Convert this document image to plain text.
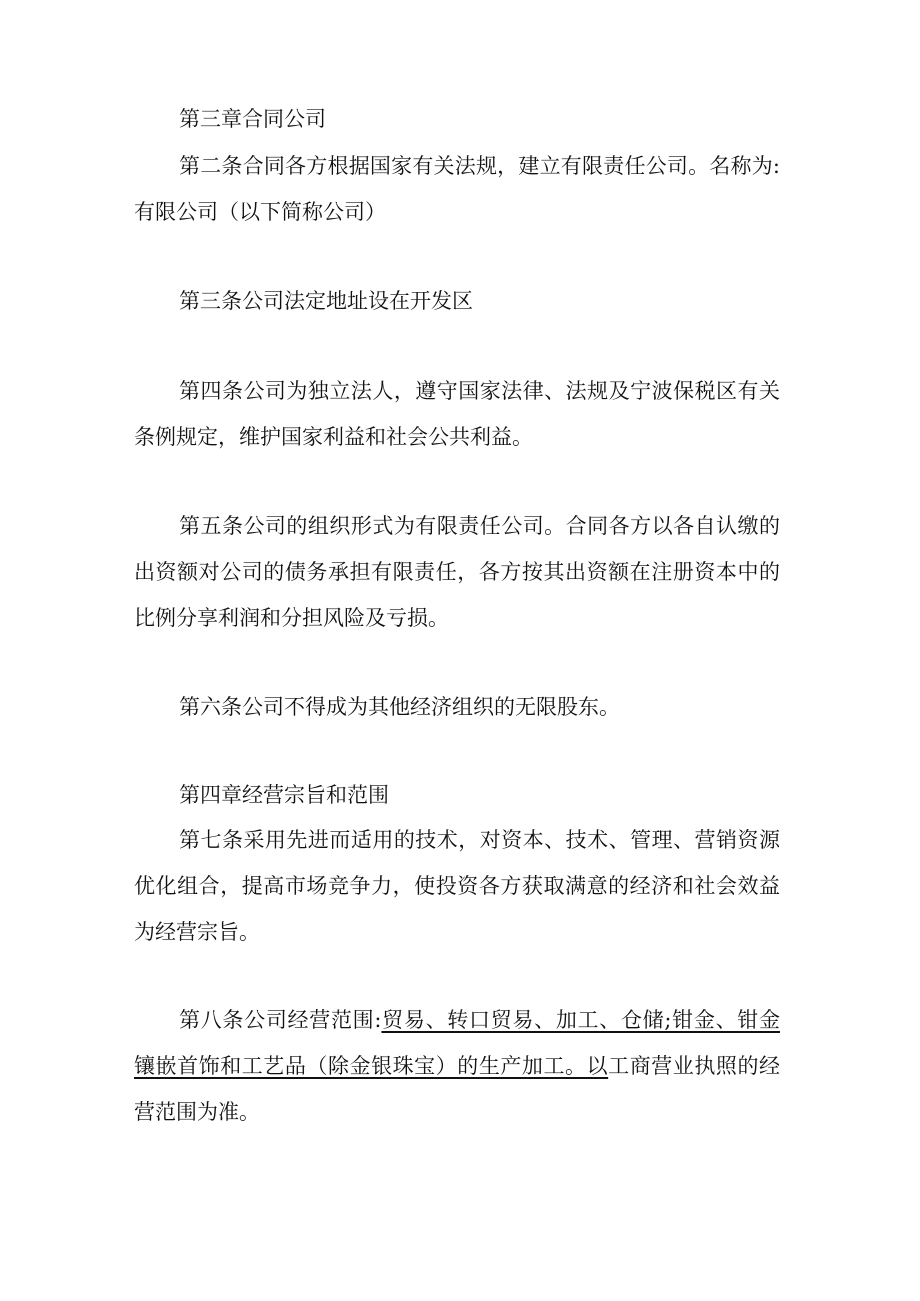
第三章合同公司

第二条合同各方根据国家有关法规，建立有限责任公司。名称为:有限公司（以下简称公司）

第三条公司法定地址设在开发区

第四条公司为独立法人，遵守国家法律、法规及宁波保税区有关条例规定，维护国家利益和社会公共利益。

第五条公司的组织形式为有限责任公司。合同各方以各自认缴的出资额对公司的债务承担有限责任，各方按其出资额在注册资本中的比例分享利润和分担风险及亏损。

第六条公司不得成为其他经济组织的无限股东。

第四章经营宗旨和范围

第七条采用先进而适用的技术，对资本、技术、管理、营销资源优化组合，提高市场竞争力，使投资各方获取满意的经济和社会效益为经营宗旨。

第八条公司经营范围:贸易、转口贸易、加工、仓储;钳金、钳金镶嵌首饰和工艺品（除金银珠宝）的生产加工。以工商营业执照的经营范围为准。
